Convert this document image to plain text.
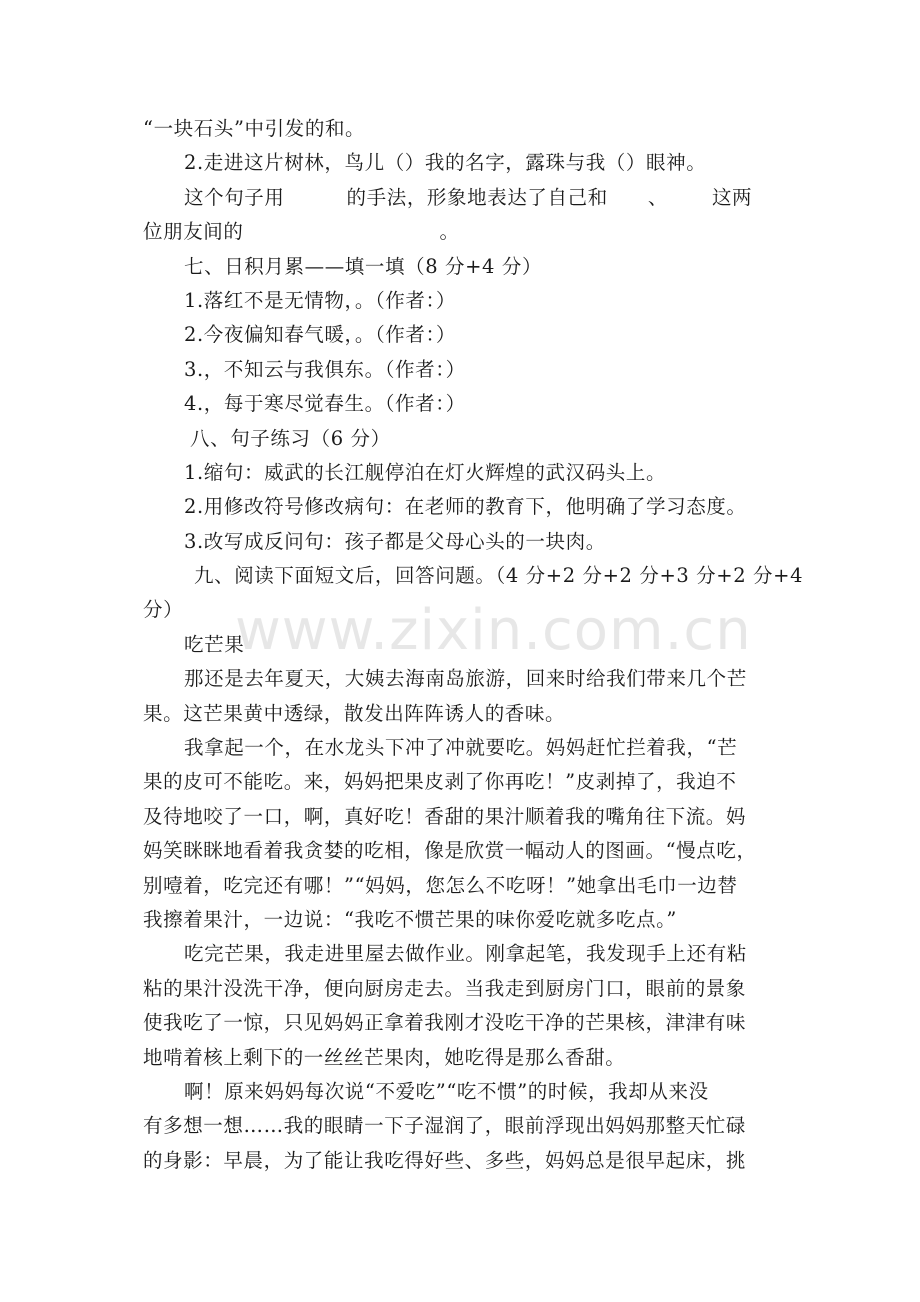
“一块石头”中引发的和。
2.走进这片树林，鸟儿（）我的名字，露珠与我（）眼神。
这个句子用	的手法，形象地表达了自己和 、 这两
位朋友间的	。
七、日积月累——填一填（8 分+4 分）
1.落红不是无情物，。（作者：）
2.今夜偏知春气暖，。（作者：）
3.，不知云与我俱东。（作者：）
4.，每于寒尽觉春生。（作者：）
八、句子练习（6 分）
1.缩句：威武的长江舰停泊在灯火辉煌的武汉码头上。
2.用修改符号修改病句：在老师的教育下，他明确了学习态度。
3.改写成反问句：孩子都是父母心头的一块肉。
九、阅读下面短文后，回答问题。（4 分+2 分+2 分+3 分+2 分+4
分）
吃芒果
那还是去年夏天，大姨去海南岛旅游，回来时给我们带来几个芒
果。这芒果黄中透绿，散发出阵阵诱人的香味。
我拿起一个，在水龙头下冲了冲就要吃。妈妈赶忙拦着我，“芒
果的皮可不能吃。来，妈妈把果皮剥了你再吃！”皮剥掉了，我迫不
及待地咬了一口，啊，真好吃！香甜的果汁顺着我的嘴角往下流。妈
妈笑眯眯地看着我贪婪的吃相，像是欣赏一幅动人的图画。“慢点吃，
别噎着，吃完还有哪！”“妈妈，您怎么不吃呀！”她拿出毛巾一边替
我擦着果汁，一边说：“我吃不惯芒果的味你爱吃就多吃点。”
吃完芒果，我走进里屋去做作业。刚拿起笔，我发现手上还有粘
粘的果汁没洗干净，便向厨房走去。当我走到厨房门口，眼前的景象
使我吃了一惊，只见妈妈正拿着我刚才没吃干净的芒果核，津津有味
地啃着核上剩下的一丝丝芒果肉，她吃得是那么香甜。
啊！原来妈妈每次说“不爱吃”“吃不惯”的时候，我却从来没
有多想一想……我的眼睛一下子湿润了，眼前浮现出妈妈那整天忙碌
的身影：早晨，为了能让我吃得好些、多些，妈妈总是很早起床，挑
www.zixin.com.cn
